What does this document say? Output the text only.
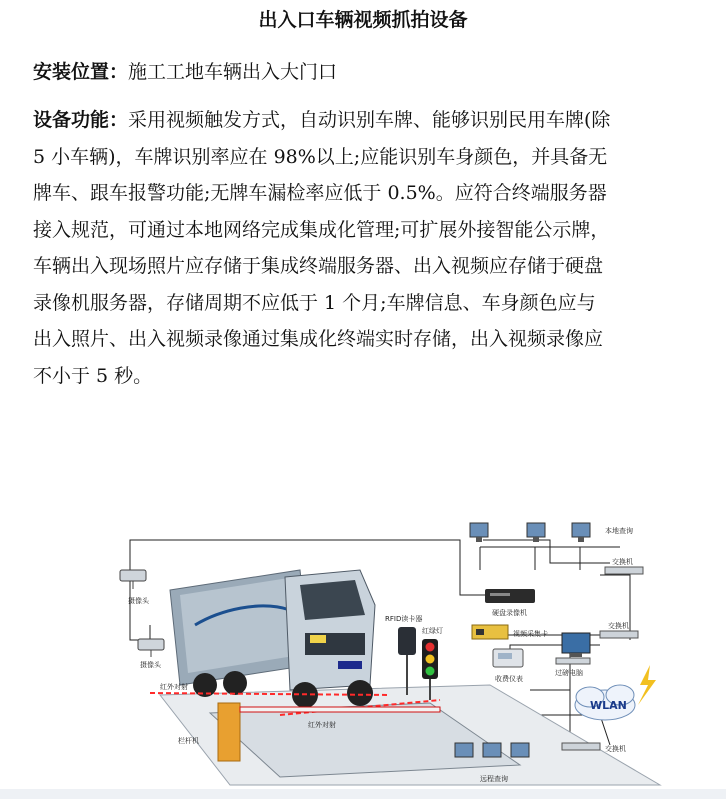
出入口车辆视频抓拍设备
安装位置：施工工地车辆出入大门口
设备功能：采用视频触发方式，自动识别车牌、能够识别民用车牌(除
5 小车辆)，车牌识别率应在 98%以上;应能识别车身颜色，并具备无
牌车、跟车报警功能;无牌车漏检率应低于 0.5%。应符合终端服务器
接入规范，可通过本地网络完成集成化管理;可扩展外接智能公示牌，
车辆出入现场照片应存储于集成终端服务器、出入视频应存储于硬盘
录像机服务器，存储周期不应低于 1 个月;车牌信息、车身颜色应与
出入照片、出入视频录像通过集成化终端实时存储，出入视频录像应
不小于 5 秒。
摄像头
摄像头
红外对射
红外对射
栏杆机
RFID读卡器
红绿灯
硬盘录像机
视频采集卡
收费仪表
过磅电脑
交换机
交换机
交换机
本地查询
WLAN
远程查询
